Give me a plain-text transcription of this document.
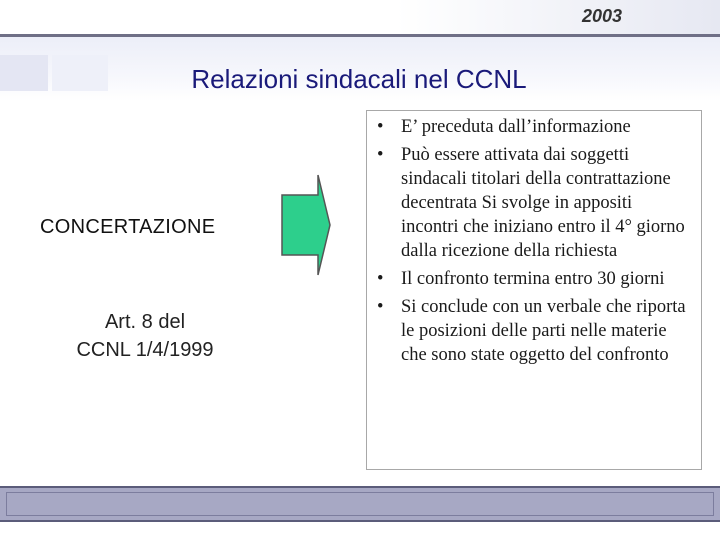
2003
Relazioni sindacali nel CCNL
CONCERTAZIONE
Art. 8 del
CCNL 1/4/1999
• E’ preceduta dall’informazione
• Può essere attivata dai soggetti sindacali titolari della contrattazione decentrata Si svolge in appositi incontri che iniziano entro il 4° giorno dalla ricezione della richiesta
• Il confronto termina entro 30 giorni
• Si conclude con un verbale che riporta le posizioni delle parti nelle materie che sono state oggetto del confronto
